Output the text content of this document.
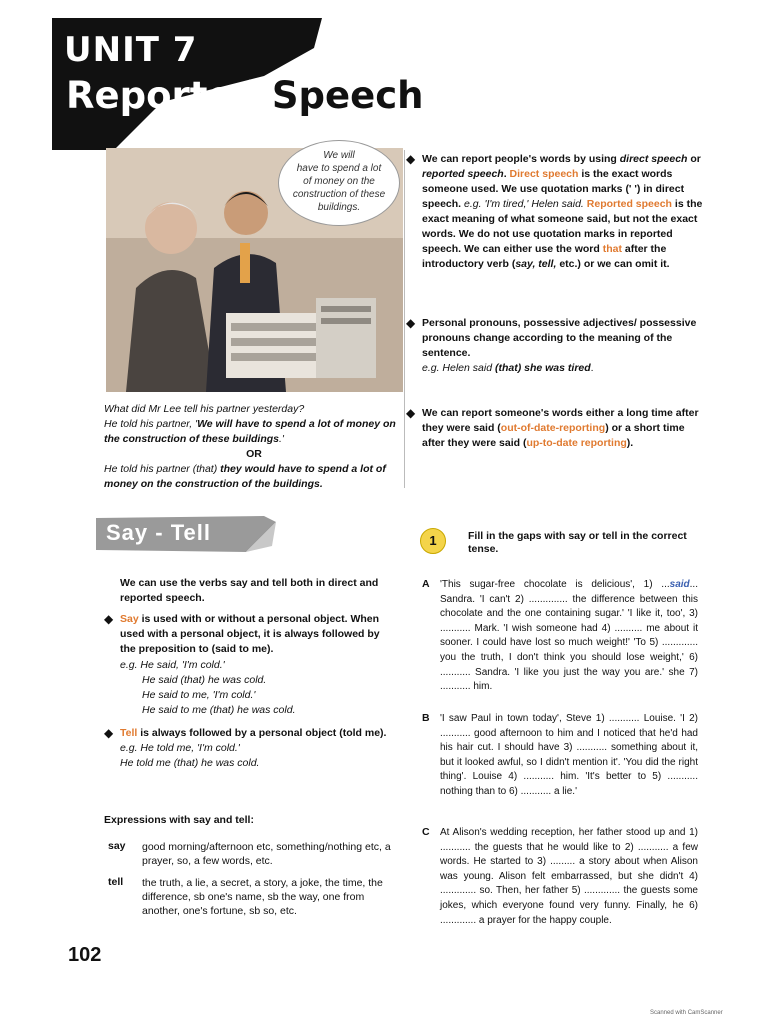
UNIT 7
Reported Speech
We will
have to spend a lot
of money on the
construction of these
buildings.
What did Mr Lee tell his partner yesterday?
He told his partner, 'We will have to spend a lot of money on the construction of these buildings.'
OR
He told his partner (that) they would have to spend a lot of money on the construction of the buildings.
◆ We can report people's words by using direct speech or reported speech. Direct speech is the exact words someone used. We use quotation marks (' ') in direct speech. e.g. 'I'm tired,' Helen said. Reported speech is the exact meaning of what someone said, but not the exact words. We do not use quotation marks in reported speech. We can either use the word that after the introductory verb (say, tell, etc.) or we can omit it.

◆ Personal pronouns, possessive adjectives/ possessive pronouns change according to the meaning of the sentence.

e.g. Helen said (that) she was tired.

◆ We can report someone's words either a long time after they were said (out-of-date-reporting) or a short time after they were said (up-to-date reporting).

Say - Tell
We can use the verbs say and tell both in direct and reported speech.
◆ Say is used with or without a personal object. When used with a personal object, it is always followed by the preposition to (said to me).
e.g. He said, 'I'm cold.'
He said (that) he was cold.
He said to me, 'I'm cold.'
He said to me (that) he was cold.
◆ Tell is always followed by a personal object (told me). e.g. He told me, 'I'm cold.'
He told me (that) he was cold.
Expressions with say and tell:
say good morning/afternoon etc, something/nothing etc, a prayer, so, a few words, etc.
tell the truth, a lie, a secret, a story, a joke, the time, the difference, sb one's name, sb the way, one from another, one's fortune, sb so, etc.
102
1	Fill in the gaps with say or tell in the correct tense.
A 'This sugar-free chocolate is delicious', 1) ...said... Sandra. 'I can't 2) .............. the difference between this chocolate and the one containing sugar.' 'I like it, too', 3) ........... Mark. 'I wish someone had 4) .......... me about it sooner. I could have lost so much weight!' 'To 5) ............. you the truth, I don't think you should lose weight,' 6) ........... Sandra. 'I like you just the way you are.' she 7) ........... him.
B 'I saw Paul in town today', Steve 1) ........... Louise. 'I 2) ........... good afternoon to him and I noticed that he'd had his hair cut. I should have 3) ........... something about it, but it looked awful, so I didn't mention it'. 'You did the right thing'. Louise 4) ........... him. 'It's better to 5) ........... nothing than to 6) ........... a lie.'
C At Alison's wedding reception, her father stood up and 1) ........... the guests that he would like to 2) ........... a few words. He started to 3) ......... a story about when Alison was young. Alison felt embarrassed, but she didn't 4) ............. so. Then, her father 5) ............. the guests some jokes, which everyone found very funny. Finally, he 6) ............. a prayer for the happy couple.
Scanned with CamScanner
